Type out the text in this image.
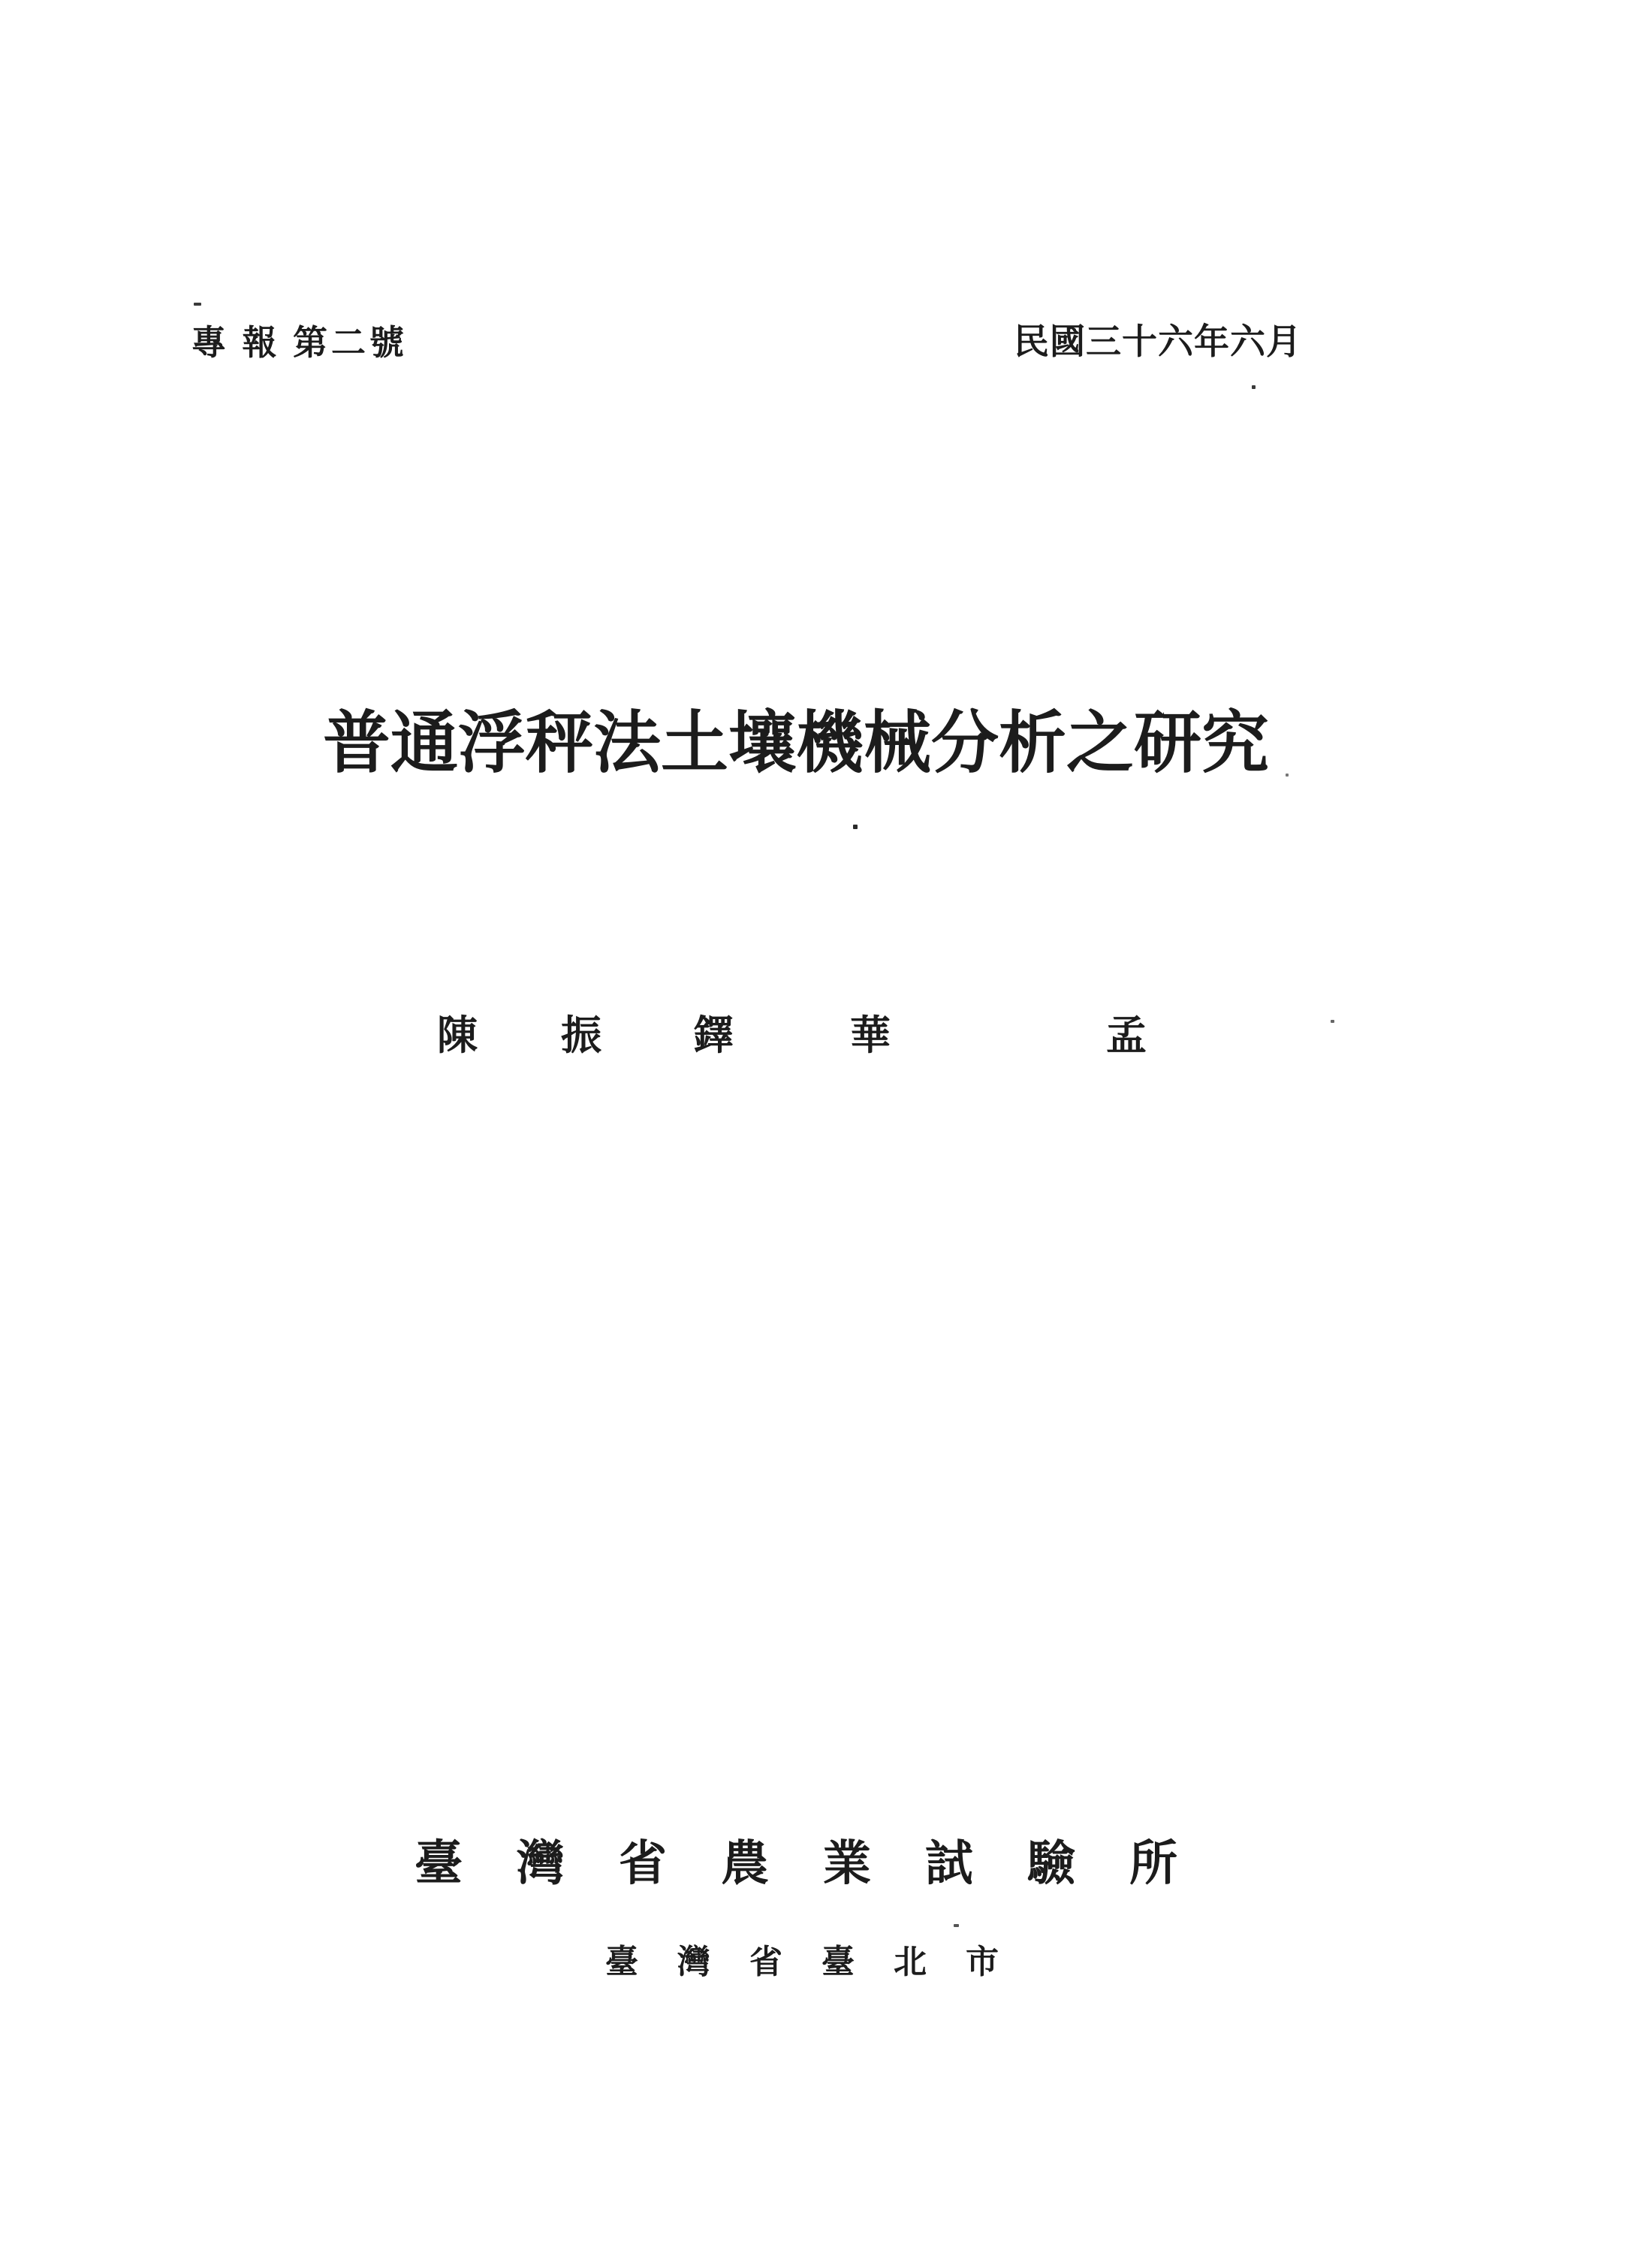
專 報 第二號	民國三十六年六月
普通浮秤法土壤機械分析之研究
陳 振 鐸	華	孟
臺灣省農業試驗所
臺灣省臺北市
